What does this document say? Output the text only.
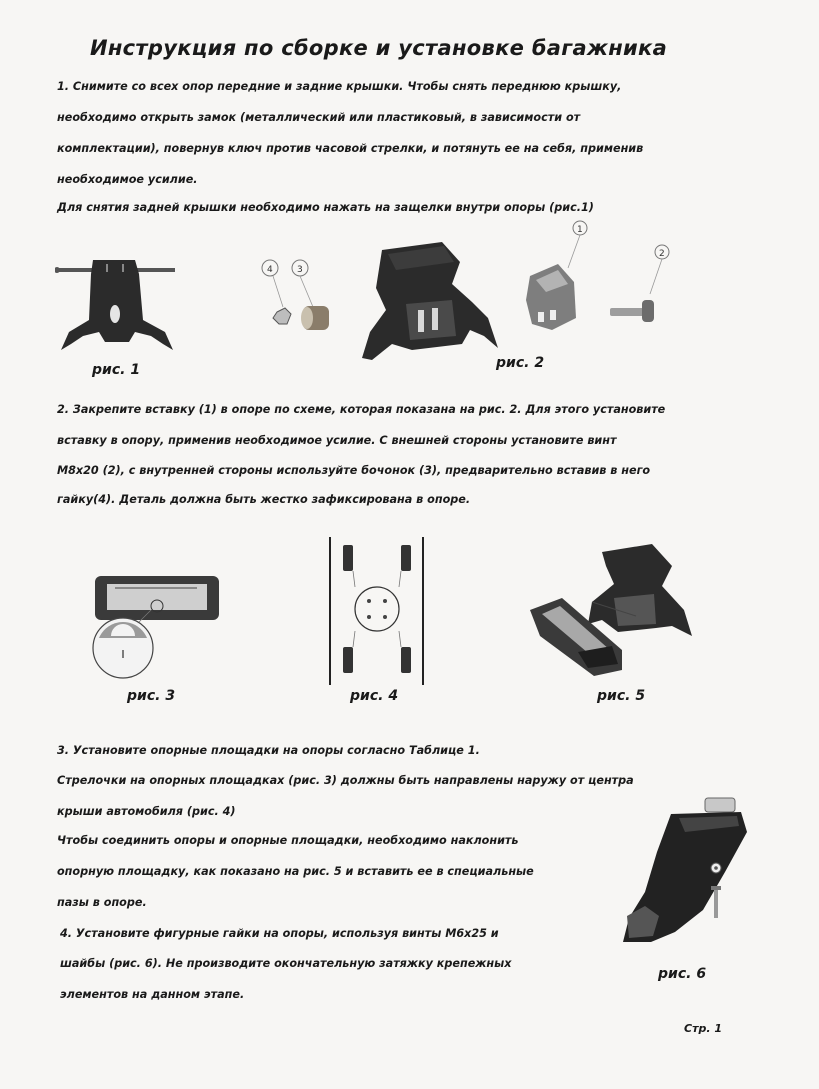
Инструкция по сборке и установке багажника
1. Снимите со всех опор передние и задние крышки. Чтобы снять переднюю крышку,
необходимо открыть замок (металлический или пластиковый, в зависимости от
комплектации), повернув ключ против часовой стрелки, и потянуть ее на себя, применив
необходимое усилие.
Для снятия задней крышки необходимо нажать на защелки внутри опоры (рис.1)
рис. 1
4	3
1
2
рис. 2
2. Закрепите вставку (1) в опоре по схеме, которая показана на рис. 2. Для этого установите
вставку в опору, применив необходимое усилие. С внешней стороны установите винт
М8х20 (2), с внутренней стороны используйте бочонок (3), предварительно вставив в него
гайку(4). Деталь должна быть жестко зафиксирована в опоре.
рис. 3	рис. 4	рис. 5
3. Установите опорные площадки на опоры согласно Таблице 1.
Стрелочки на опорных площадках (рис. 3) должны быть направлены наружу от центра
крыши автомобиля (рис. 4)
Чтобы соединить опоры и опорные площадки, необходимо наклонить
опорную площадку, как показано на рис. 5 и вставить ее в специальные
пазы в опоре.
4. Установите фигурные гайки на опоры, используя винты М6х25 и
шайбы (рис. 6). Не производите окончательную затяжку крепежных
элементов на данном этапе.
рис. 6
Стр. 1
